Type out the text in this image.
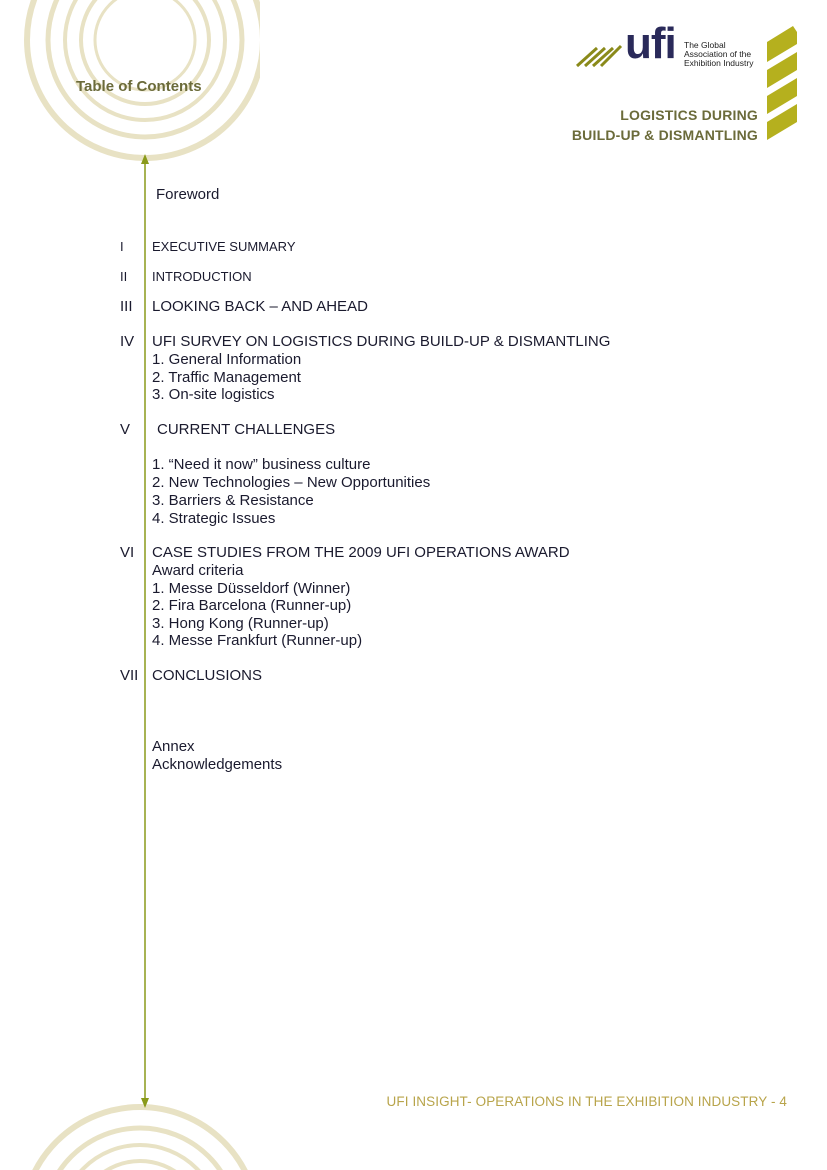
Table of Contents
ufi The Global
Association of the
Exhibition Industry
LOGISTICS DURING
BUILD-UP & DISMANTLING
Foreword
I EXECUTIVE SUMMARY
II INTRODUCTION
III LOOKING BACK – AND AHEAD
IV UFI SURVEY ON LOGISTICS DURING BUILD-UP & DISMANTLING
1. General Information
2. Traffic Management
3. On-site logistics
V CURRENT CHALLENGES
1. “Need it now” business culture
2. New Technologies – New Opportunities
3. Barriers & Resistance
4. Strategic Issues
VI CASE STUDIES FROM THE 2009 UFI OPERATIONS AWARD
Award criteria
1. Messe Düsseldorf (Winner)
2. Fira Barcelona (Runner-up)
3. Hong Kong (Runner-up)
4. Messe Frankfurt (Runner-up)
VII CONCLUSIONS
Annex
Acknowledgements
UFI INSIGHT- OPERATIONS IN THE EXHIBITION INDUSTRY - 4
